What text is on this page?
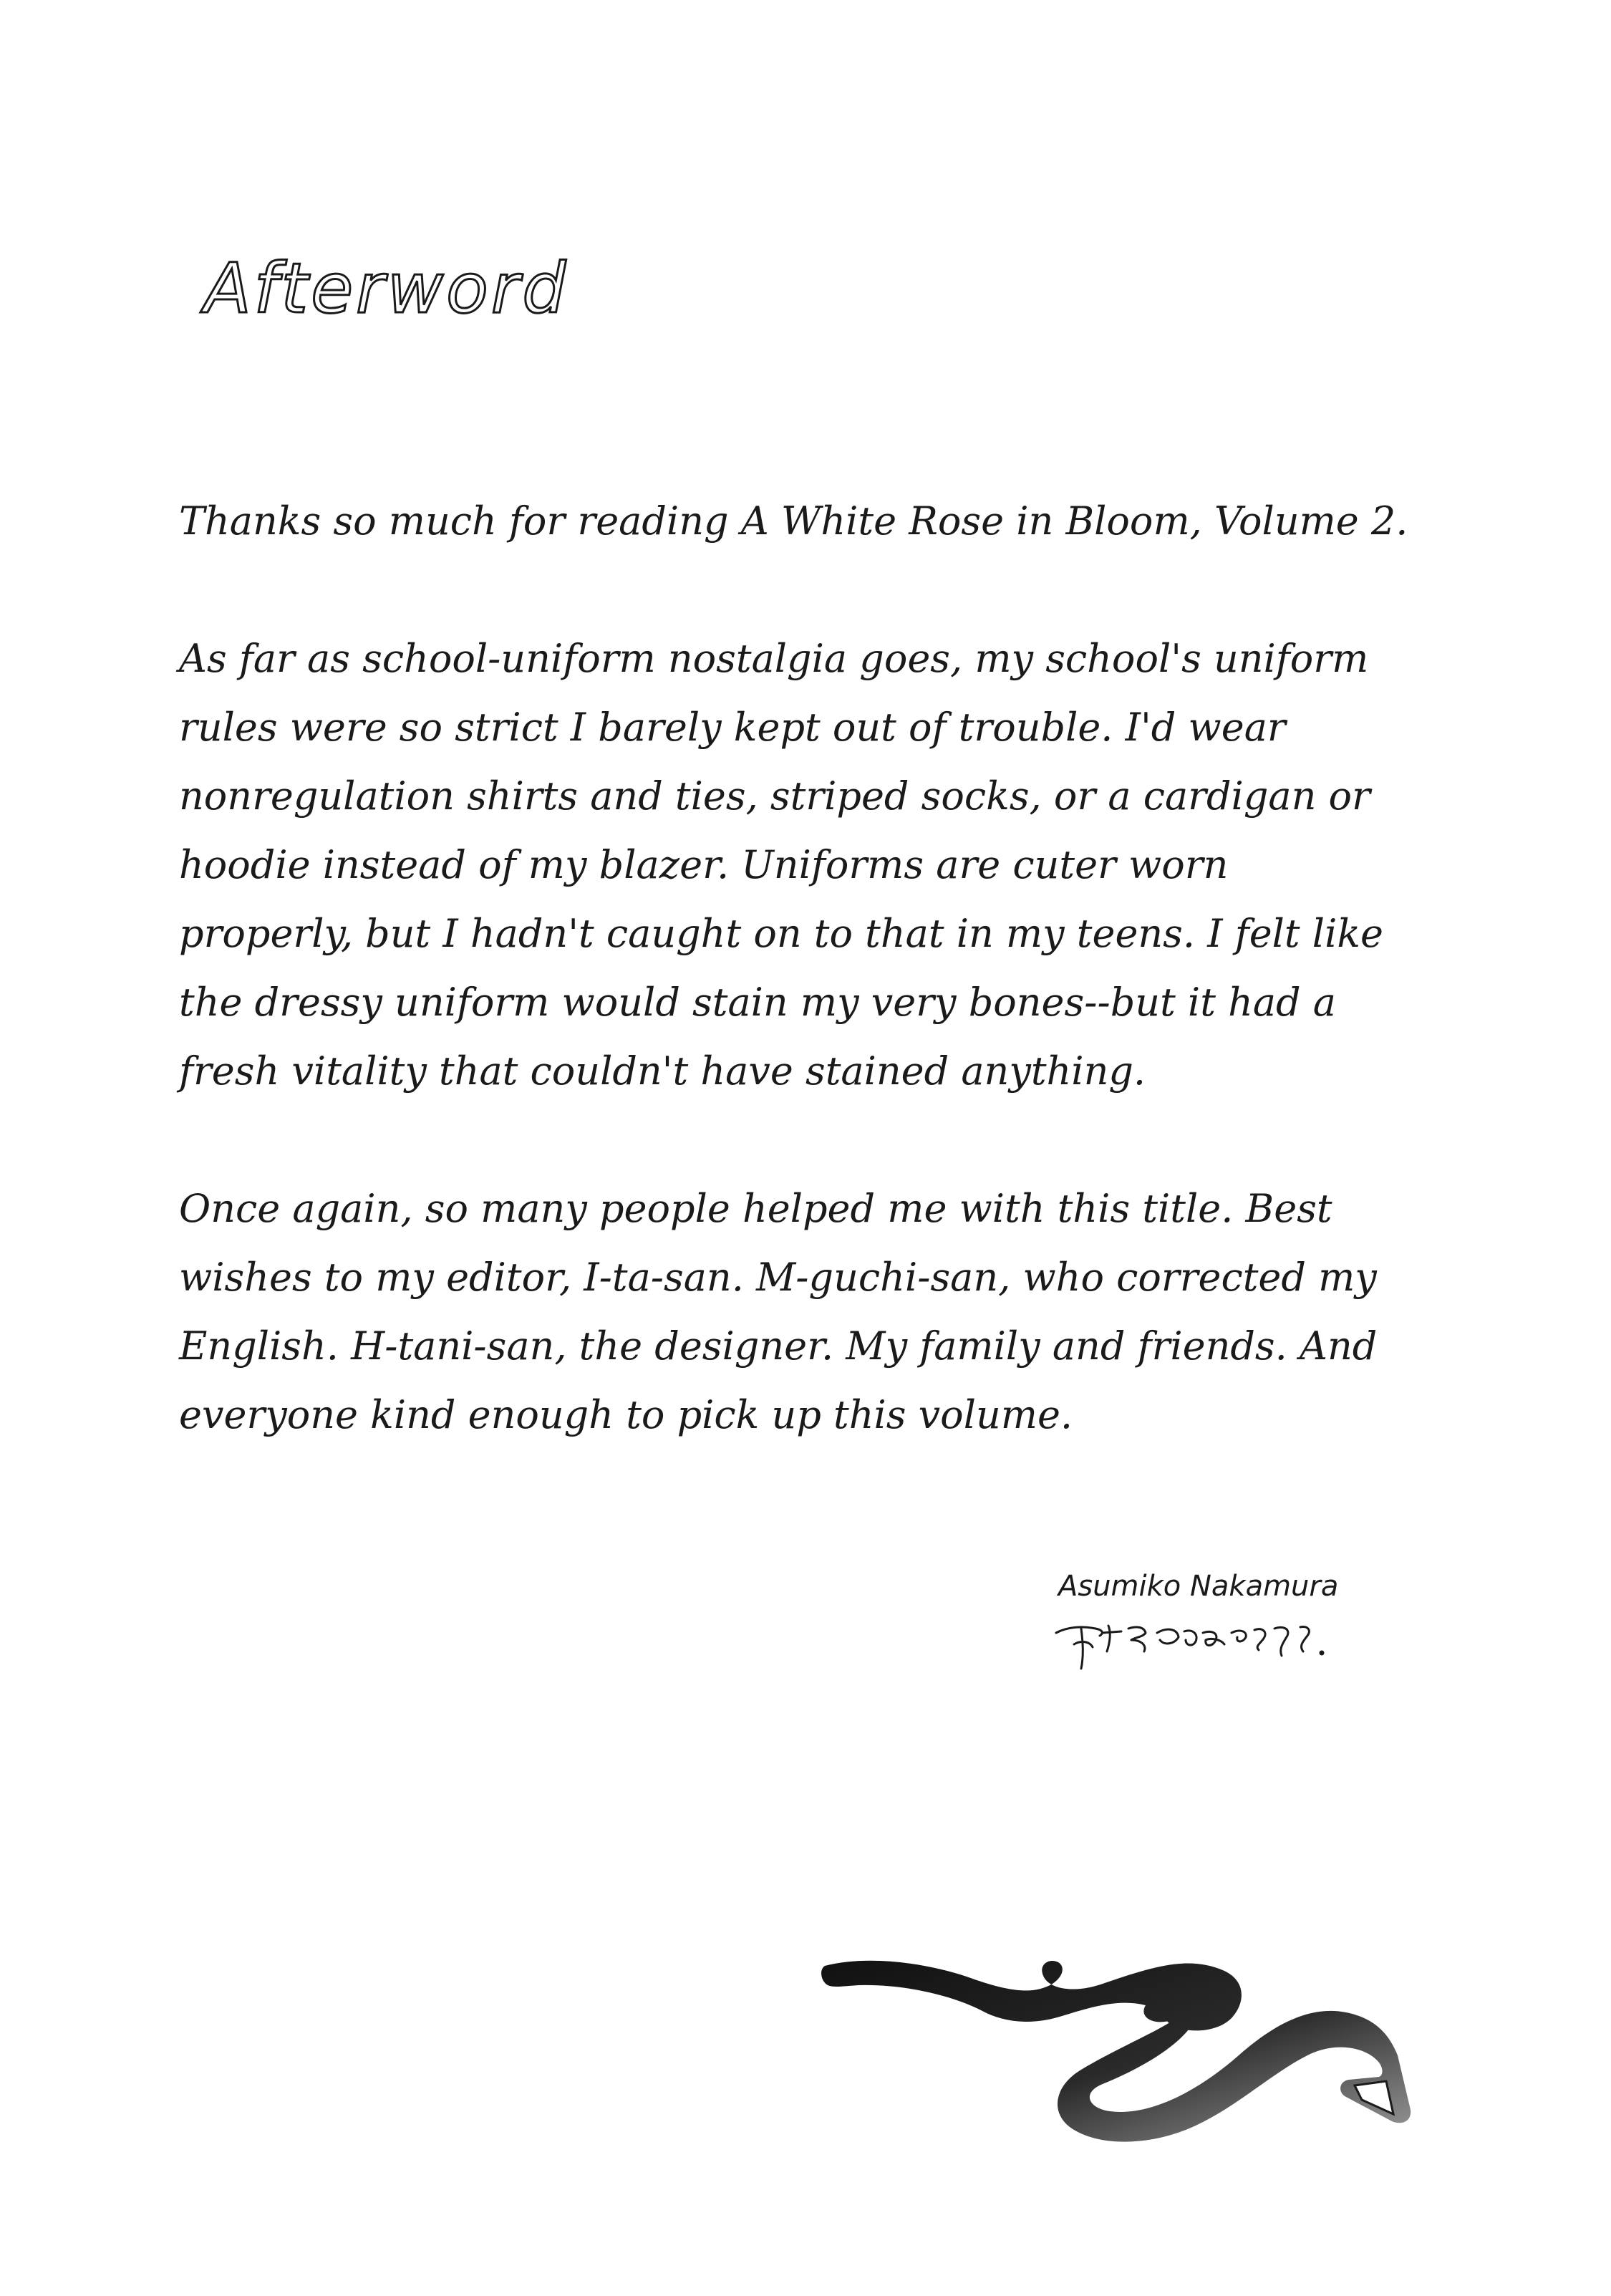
Afterword

Thanks so much for reading A White Rose in Bloom, Volume 2.

As far as school-uniform nostalgia goes, my school's uniform rules were so strict I barely kept out of trouble. I'd wear nonregulation shirts and ties, striped socks, or a cardigan or hoodie instead of my blazer. Uniforms are cuter worn properly, but I hadn't caught on to that in my teens. I felt like the dressy uniform would stain my very bones--but it had a fresh vitality that couldn't have stained anything.

Once again, so many people helped me with this title. Best wishes to my editor, I-ta-san. M-guchi-san, who corrected my English. H-tani-san, the designer. My family and friends. And everyone kind enough to pick up this volume.

Asumiko Nakamura
